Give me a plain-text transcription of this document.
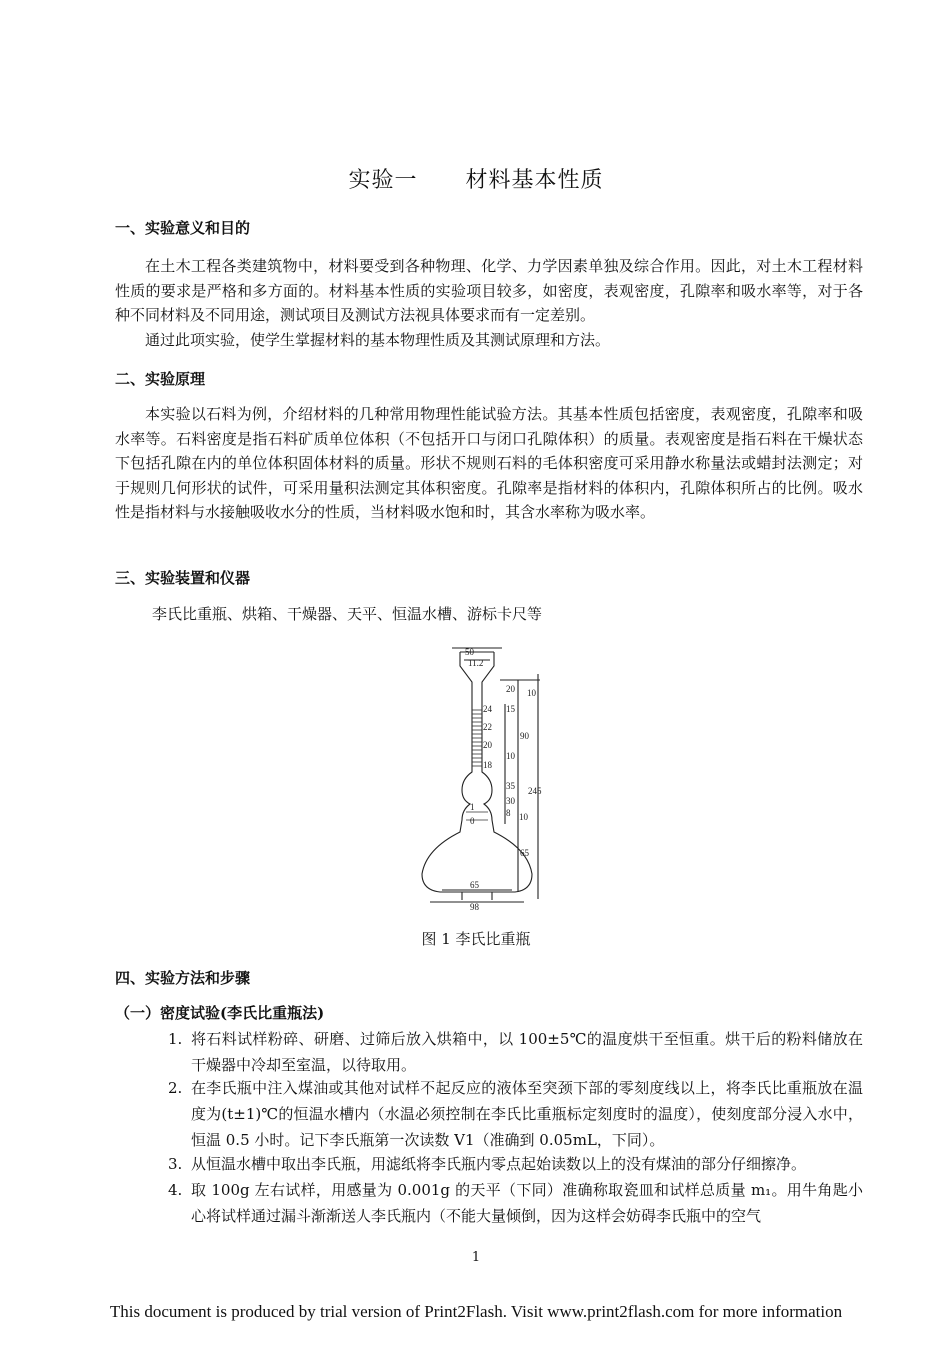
实验一      材料基本性质
一、实验意义和目的

在土木工程各类建筑物中，材料要受到各种物理、化学、力学因素单独及综合作用。因此，对土木工程材料性质的要求是严格和多方面的。材料基本性质的实验项目较多，如密度，表观密度，孔隙率和吸水率等，对于各种不同材料及不同用途，测试项目及测试方法视具体要求而有一定差别。

通过此项实验，使学生掌握材料的基本物理性质及其测试原理和方法。

二、实验原理

本实验以石料为例，介绍材料的几种常用物理性能试验方法。其基本性质包括密度，表观密度，孔隙率和吸水率等。石料密度是指石料矿质单位体积（不包括开口与闭口孔隙体积）的质量。表观密度是指石料在干燥状态下包括孔隙在内的单位体积固体材料的质量。形状不规则石料的毛体积密度可采用静水称量法或蜡封法测定；对于规则几何形状的试件，可采用量积法测定其体积密度。孔隙率是指材料的体积内，孔隙体积所占的比例。吸水性是指材料与水接触吸收水分的性质，当材料吸水饱和时，其含水率称为吸水率。

三、实验装置和仪器
李氏比重瓶、烘箱、干燥器、天平、恒温水槽、游标卡尺等
50
11.2
24
22
20
18
1
0
20 10
15
90
10
35 245
30
8 10
65
65
98
图 1 李氏比重瓶
四、实验方法和步骤
（一）密度试验(李氏比重瓶法)
1. 将石料试样粉碎、研磨、过筛后放入烘箱中，以 100±5℃的温度烘干至恒重。烘干后的粉料储放在干燥器中冷却至室温，以待取用。
2. 在李氏瓶中注入煤油或其他对试样不起反应的液体至突颈下部的零刻度线以上，将李氏比重瓶放在温度为(t±1)℃的恒温水槽内（水温必须控制在李氏比重瓶标定刻度时的温度），使刻度部分浸入水中，恒温 0.5 小时。记下李氏瓶第一次读数 V1（准确到 0.05mL，下同）。
3. 从恒温水槽中取出李氏瓶，用滤纸将李氏瓶内零点起始读数以上的没有煤油的部分仔细擦净。
4. 取 100g 左右试样，用感量为 0.001g 的天平（下同）准确称取瓷皿和试样总质量 m₁。用牛角匙小心将试样通过漏斗渐渐送人李氏瓶内（不能大量倾倒，因为这样会妨碍李氏瓶中的空气
1
This document is produced by trial version of Print2Flash. Visit www.print2flash.com for more information
